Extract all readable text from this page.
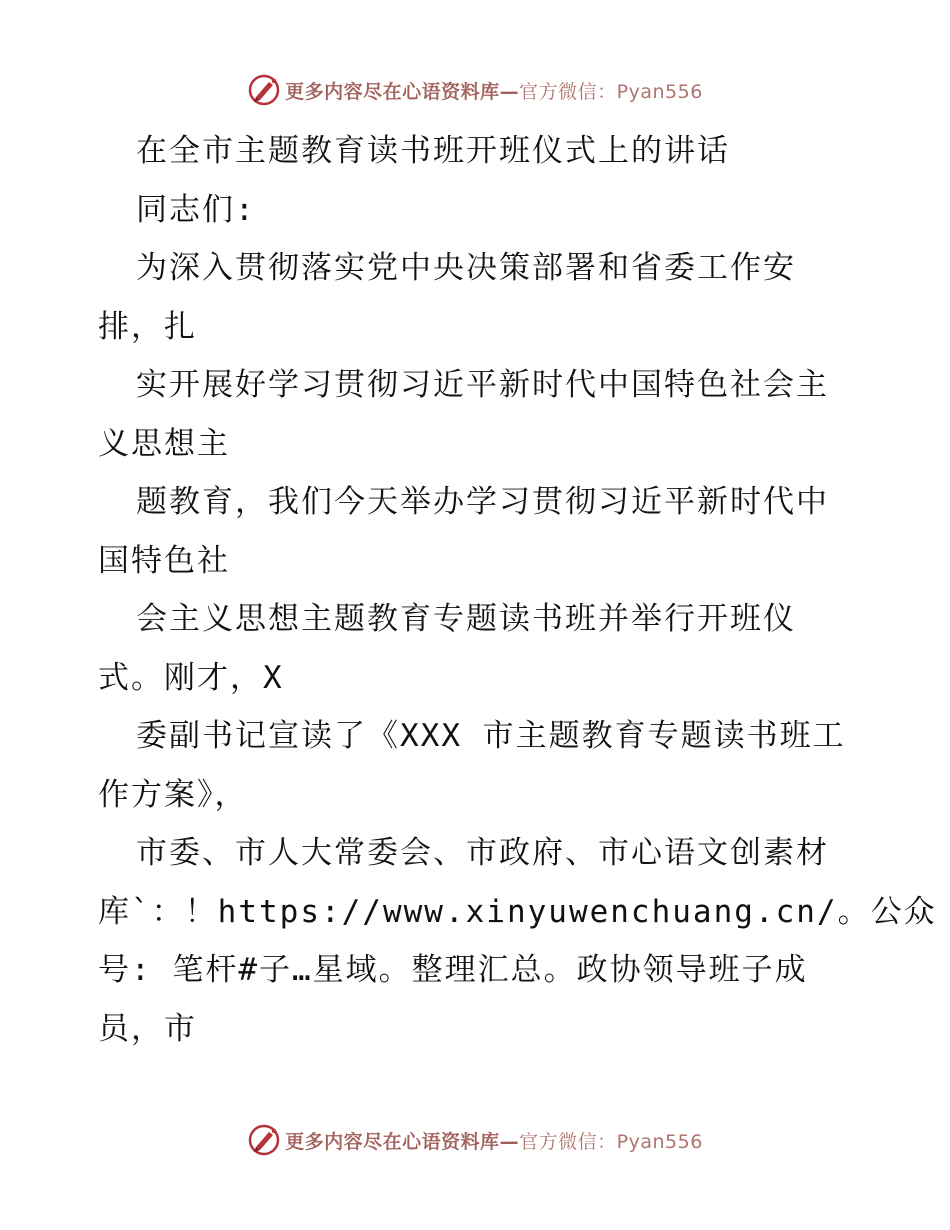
更多内容尽在心语资料库—官方微信：Pyan556
在全市主题教育读书班开班仪式上的讲话
同志们:
为深入贯彻落实党中央决策部署和省委工作安
排，扎
实开展好学习贯彻习近平新时代中国特色社会主
义思想主
题教育，我们今天举办学习贯彻习近平新时代中
国特色社
会主义思想主题教育专题读书班并举行开班仪
式。刚才，X
委副书记宣读了《XXX 市主题教育专题读书班工
作方案》，
市委、市人大常委会、市政府、市心语文创素材
库`：！https://www.xinyuwenchuang.cn/。公众
号: 笔杆#子…星域。整理汇总。政协领导班子成
员，市
更多内容尽在心语资料库—官方微信：Pyan556
